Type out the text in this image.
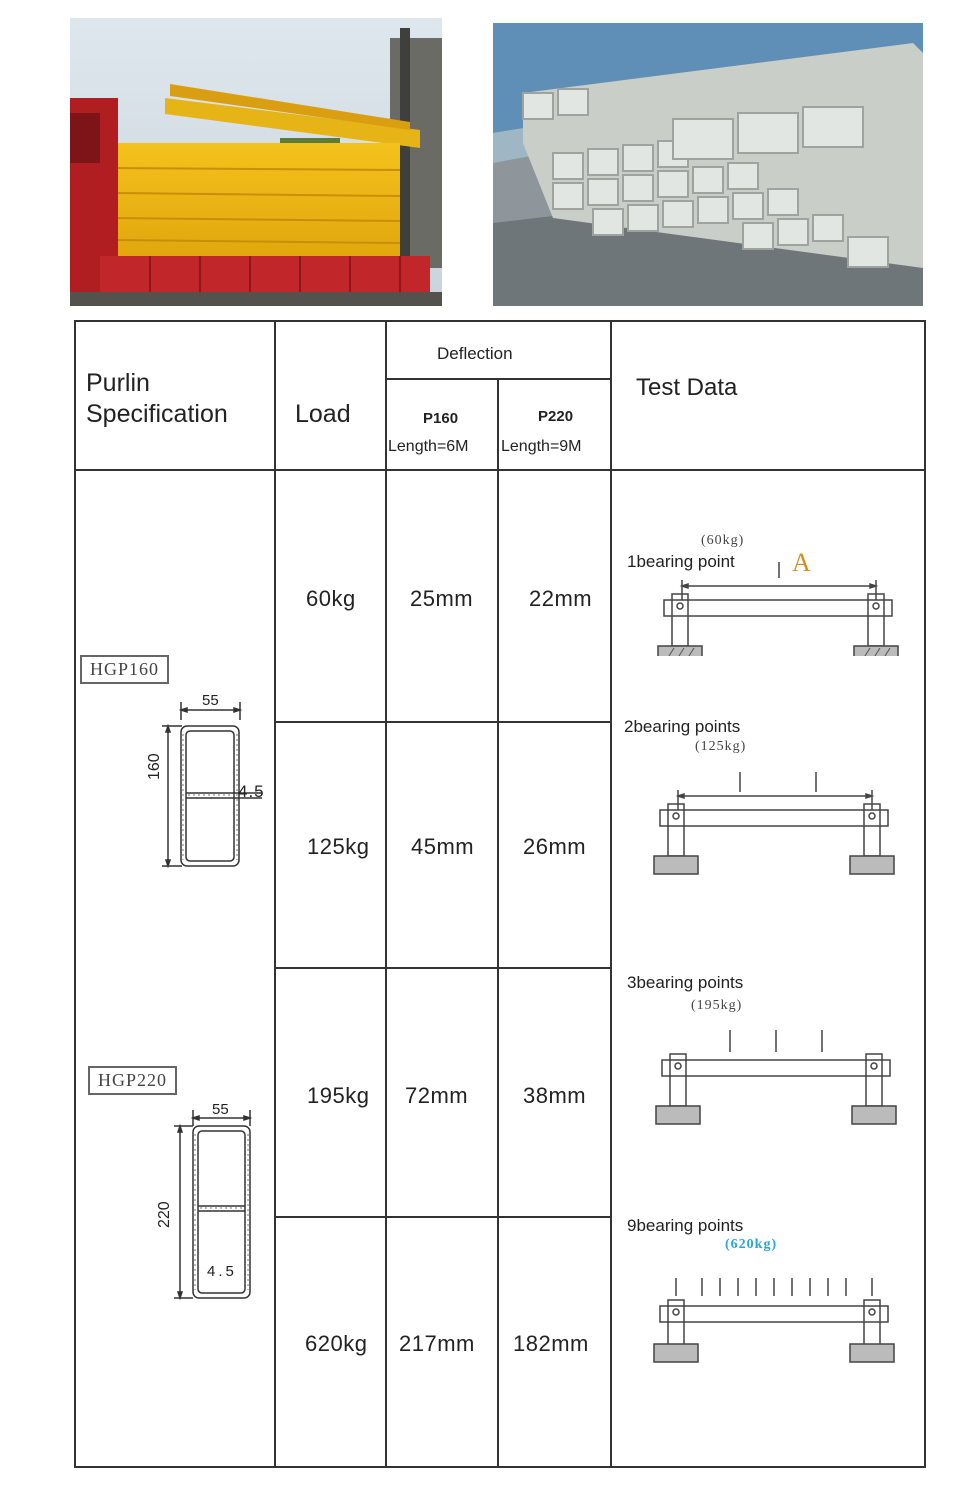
Purlin
Specification	Load
Deflection
P160
Length=6M
P220
Length=9M
Test Data
60kg 25mm	22mm
125kg 45mm 26mm
195kg 72mm 38mm
620kg 217mm 182mm
HGP160
55
160
4.5
HGP220
55
220
4.5
(60kg)
1bearing point A
2bearing points
(125kg)
3bearing points
(195kg)
9bearing points
(620kg)
